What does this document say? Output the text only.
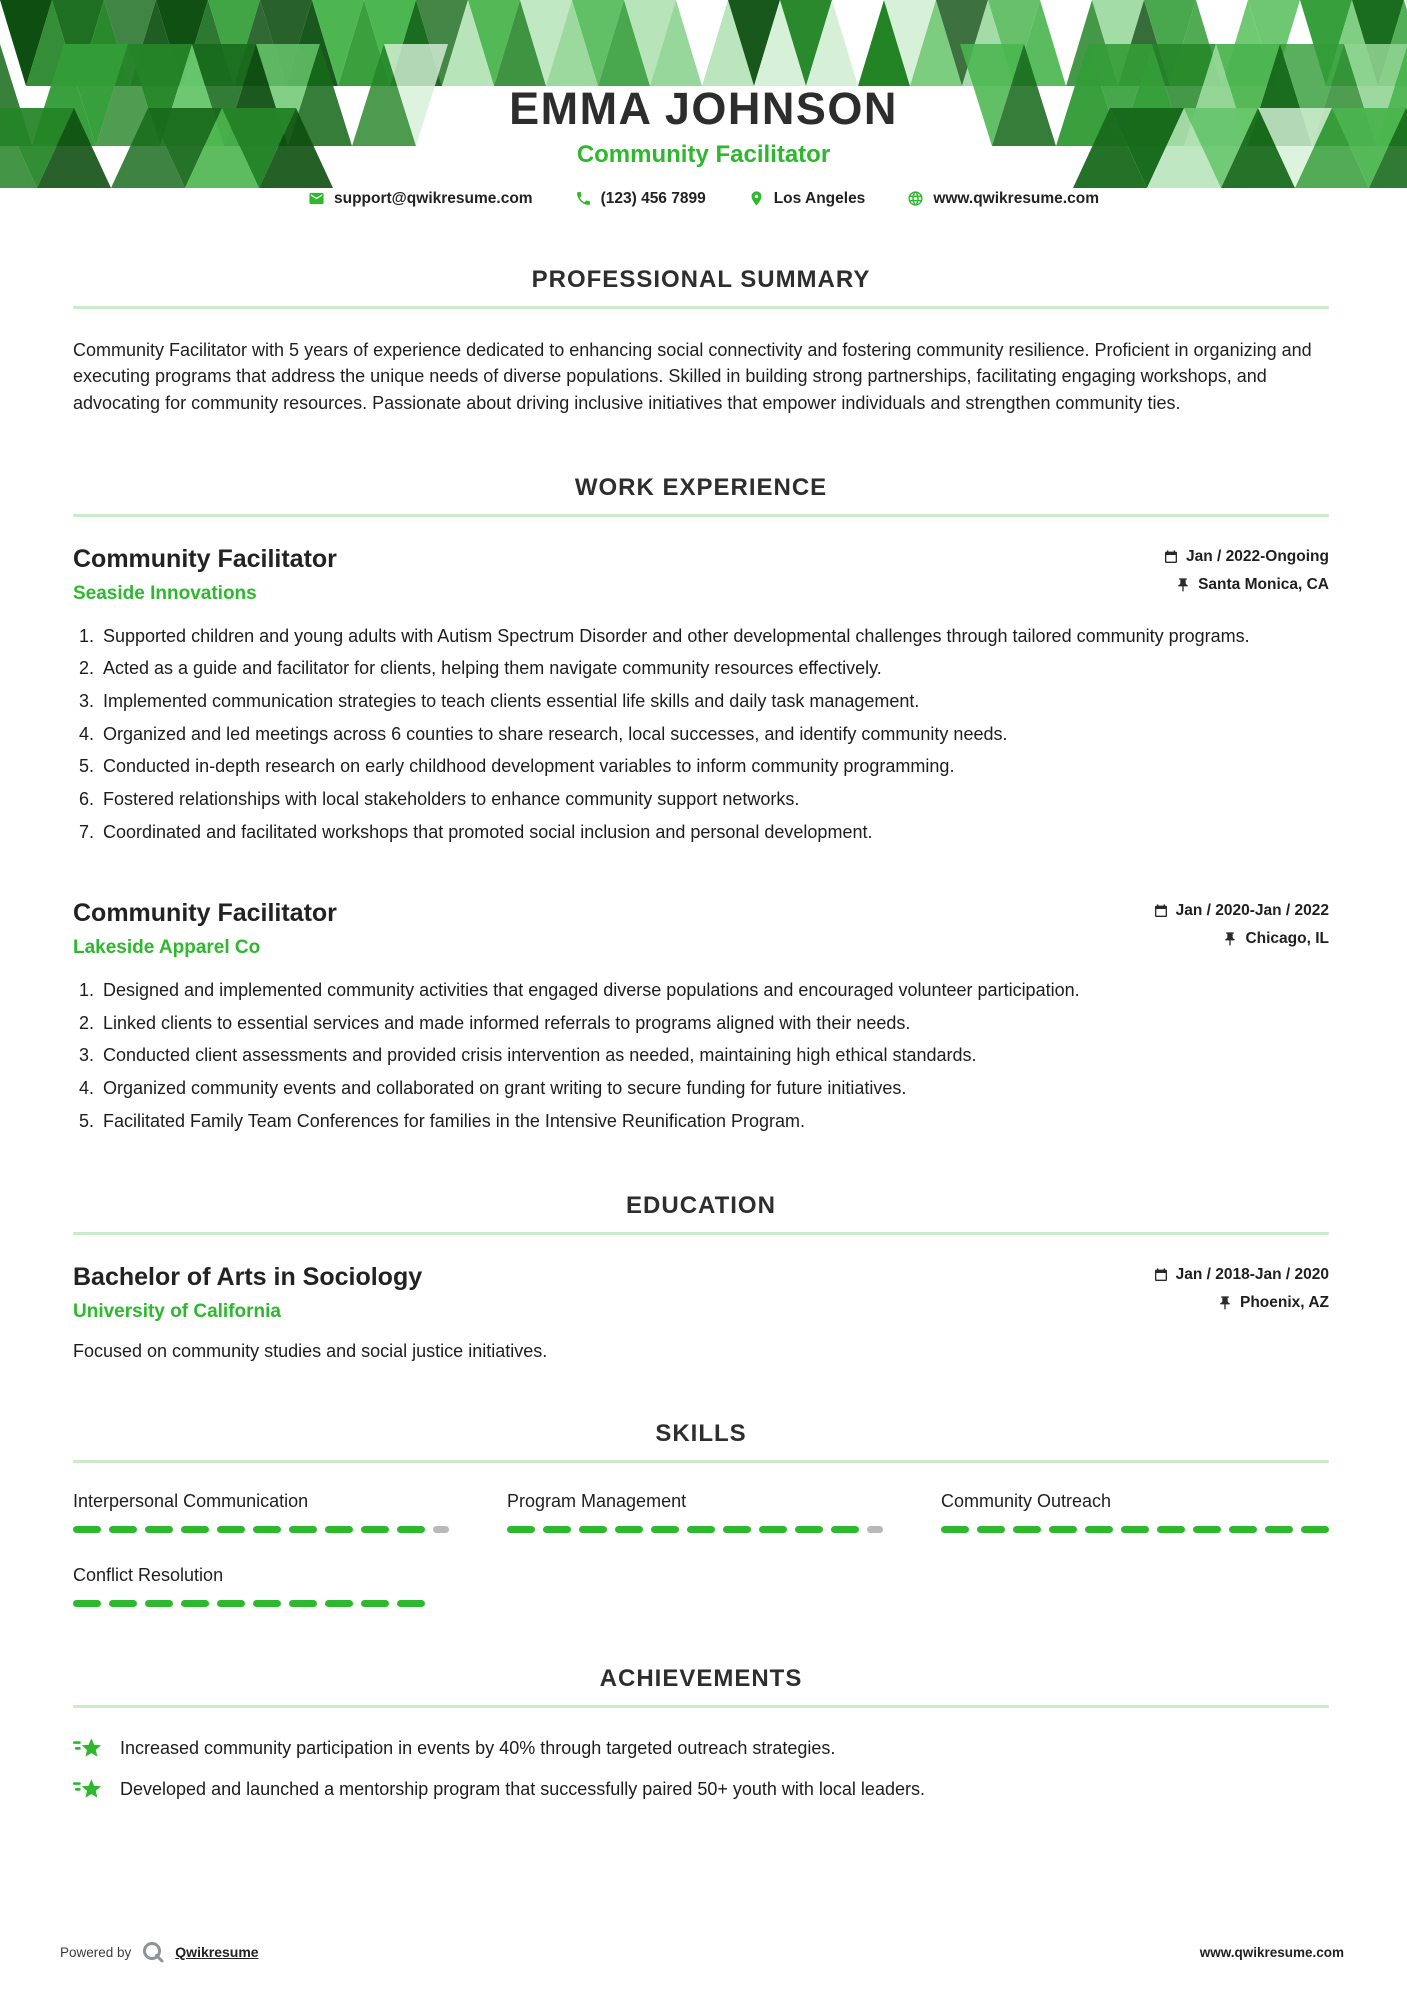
EMMA JOHNSON
Community Facilitator
support@qwikresume.com	(123) 456 7899	Los Angeles	www.qwikresume.com
PROFESSIONAL SUMMARY

Community Facilitator with 5 years of experience dedicated to enhancing social connectivity and fostering community resilience. Proficient in organizing and executing programs that address the unique needs of diverse populations. Skilled in building strong partnerships, facilitating engaging workshops, and advocating for community resources. Passionate about driving inclusive initiatives that empower individuals and strengthen community ties.

WORK EXPERIENCE
Community Facilitator
Seaside Innovations
Jan / 2022-Ongoing
Santa Monica, CA
1. Supported children and young adults with Autism Spectrum Disorder and other developmental challenges through tailored community programs.
2. Acted as a guide and facilitator for clients, helping them navigate community resources effectively.
3. Implemented communication strategies to teach clients essential life skills and daily task management.
4. Organized and led meetings across 6 counties to share research, local successes, and identify community needs.
5. Conducted in-depth research on early childhood development variables to inform community programming.
6. Fostered relationships with local stakeholders to enhance community support networks.
7. Coordinated and facilitated workshops that promoted social inclusion and personal development.
Community Facilitator
Lakeside Apparel Co
Jan / 2020-Jan / 2022
Chicago, IL
1. Designed and implemented community activities that engaged diverse populations and encouraged volunteer participation.
2. Linked clients to essential services and made informed referrals to programs aligned with their needs.
3. Conducted client assessments and provided crisis intervention as needed, maintaining high ethical standards.
4. Organized community events and collaborated on grant writing to secure funding for future initiatives.
5. Facilitated Family Team Conferences for families in the Intensive Reunification Program.
EDUCATION
Bachelor of Arts in Sociology
University of California
Jan / 2018-Jan / 2020
Phoenix, AZ

Focused on community studies and social justice initiatives.

SKILLS
Interpersonal Communication	Program Management	Community Outreach
Conflict Resolution
ACHIEVEMENTS
Increased community participation in events by 40% through targeted outreach strategies.
Developed and launched a mentorship program that successfully paired 50+ youth with local leaders.
Powered by	Qwikresume	www.qwikresume.com
